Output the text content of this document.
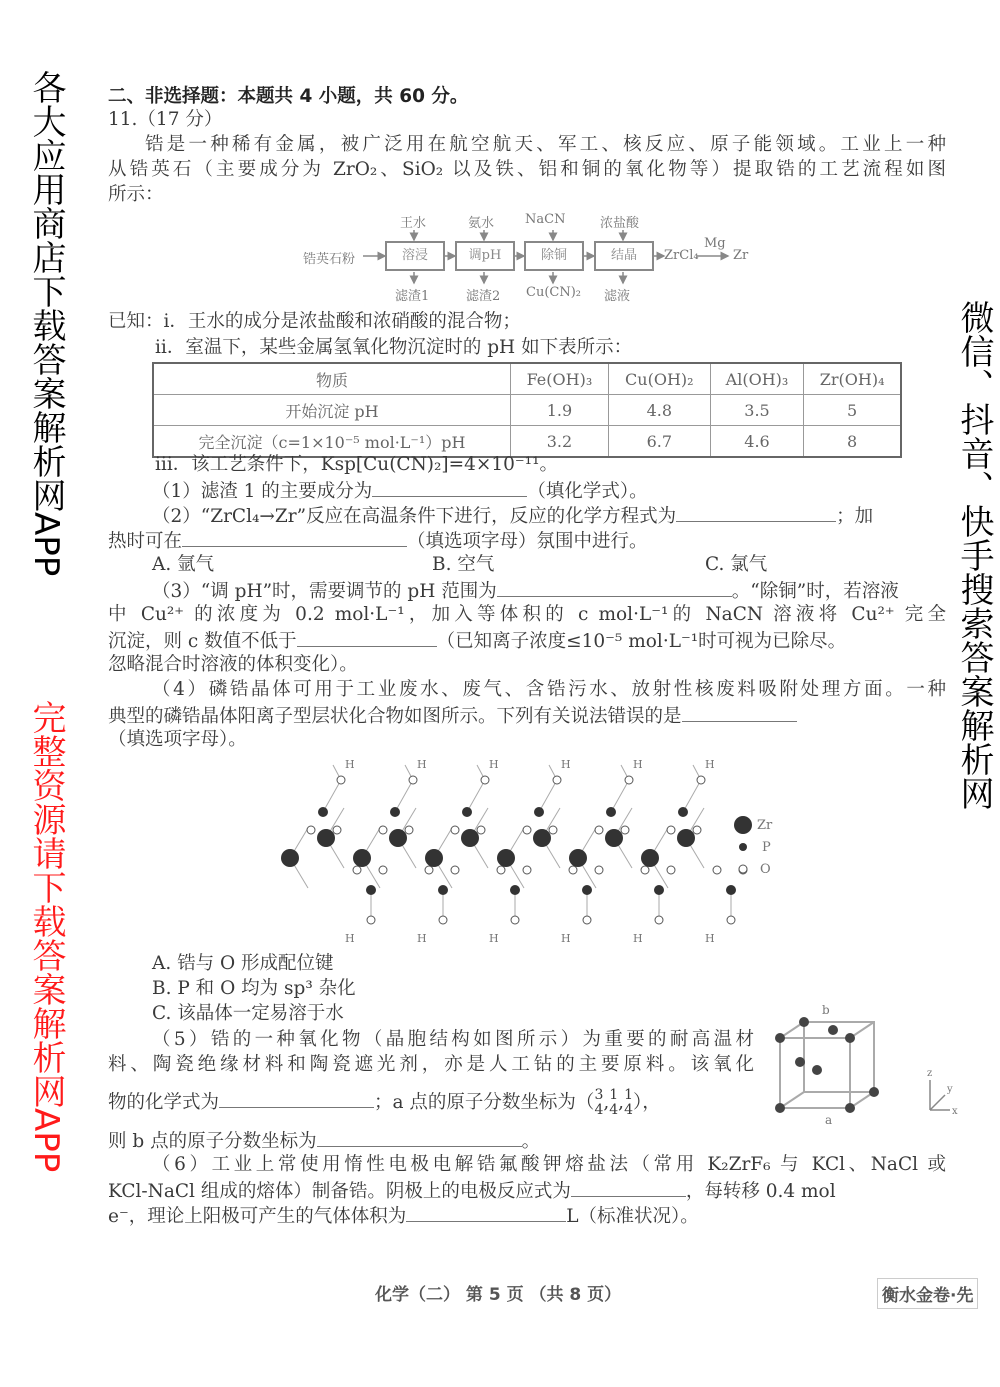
二、非选择题：本题共 4 小题，共 60 分。
11.（17 分）
锆是一种稀有金属，被广泛用在航空航天、军工、核反应、原子能领域。工业上一种
从锆英石（主要成分为 ZrO₂、SiO₂ 以及铁、铝和铜的氧化物等）提取锆的工艺流程如图
所示：
锆英石粉
王水	氨水 NaCN	浓盐酸
溶浸	调pH	除铜	结晶
滤渣1	滤渣2 Cu(CN)₂ 滤液
ZrCl₄
Mg
Zr
已知：ⅰ．王水的成分是浓盐酸和浓硝酸的混合物；
ⅱ．室温下，某些金属氢氧化物沉淀时的 pH 如下表所示：
物质	Fe(OH)₃	Cu(OH)₂	Al(OH)₃	Zr(OH)₄
开始沉淀 pH	1.9	4.8	3.5	5
完全沉淀（c=1×10⁻⁵ mol·L⁻¹）pH	3.2	6.7	4.6	8
ⅲ．该工艺条件下，Ksp[Cu(CN)₂]=4×10⁻¹¹。
（1）滤渣 1 的主要成分为	（填化学式）。
（2）“ZrCl₄→Zr”反应在高温条件下进行，反应的化学方程式为	；加
热时可在	（填选项字母）氛围中进行。
A. 氩气	B. 空气	C. 氯气
（3）“调 pH”时，需要调节的 pH 范围为	。“除铜”时，若溶液
中 Cu²⁺ 的浓度为 0.2 mol·L⁻¹，加入等体积的 c mol·L⁻¹的 NaCN 溶液将 Cu²⁺ 完全
沉淀，则 c 数值不低于	（已知离子浓度≤10⁻⁵ mol·L⁻¹时可视为已除尽。
忽略混合时溶液的体积变化）。
（4）磷锆晶体可用于工业废水、废气、含锆污水、放射性核废料吸附处理方面。一种
典型的磷锆晶体阳离子型层状化合物如图所示。下列有关说法错误的是
（填选项字母）。
H
H
H
H
H
H
H
H
H
H
H
H
Zr
P
O
A. 锆与 O 形成配位键
B. P 和 O 均为 sp³ 杂化
C. 该晶体一定易溶于水
（5）锆的一种氧化物（晶胞结构如图所示）为重要的耐高温材
料、陶瓷绝缘材料和陶瓷遮光剂，亦是人工钻的主要原料。该氧化
物的化学式为	；a 点的原子分数坐标为（3
4,1
4,1
4），
则 b 点的原子分数坐标为	。
b
a
z
y
x
（6）工业上常使用惰性电极电解锆氟酸钾熔盐法（常用 K₂ZrF₆ 与 KCl、NaCl 或
KCl-NaCl 组成的熔体）制备锆。阴极上的电极反应式为	，每转移 0.4 mol
e⁻，理论上阳极可产生的气体体积为	L（标准状况）。
化学（二） 第 5 页 （共 8 页）	衡水金卷·先
各大应用商店下载答案解析网APP
完整资源请下载答案解析网APP
微信、抖音、快手搜索答案解析网
